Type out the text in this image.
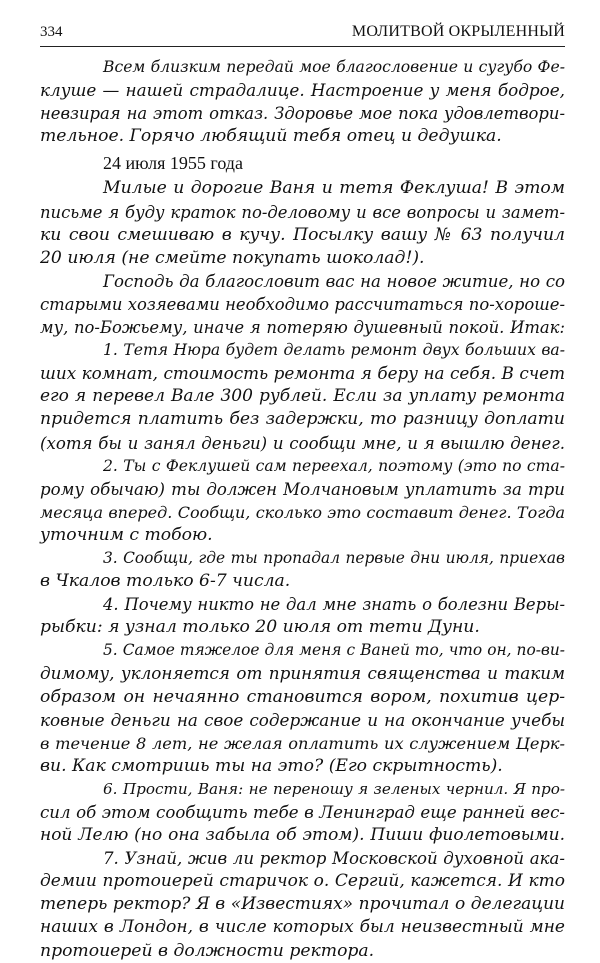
334	МОЛИТВОЙ ОКРЫЛЕННЫЙ
Всем близким передай мое благословение и сугубо Фе-
клуше — нашей страдалице. Настроение у меня бодрое,
невзирая на этот отказ. Здоровье мое пока удовлетвори-
тельное. Горячо любящий тебя отец и дедушка.
24 июля 1955 года
Милые и дорогие Ваня и тетя Феклуша! В этом
письме я буду краток по-деловому и все вопросы и замет-
ки свои смешиваю в кучу. Посылку вашу № 63 получил
20 июля (не смейте покупать шоколад!).
Господь да благословит вас на новое житие, но со
старыми хозяевами необходимо рассчитаться по-хороше-
му, по-Божьему, иначе я потеряю душевный покой. Итак:
1. Тетя Нюра будет делать ремонт двух больших ва-
ших комнат, стоимость ремонта я беру на себя. В счет
его я перевел Вале 300 рублей. Если за уплату ремонта
придется платить без задержки, то разницу доплати
(хотя бы и занял деньги) и сообщи мне, и я вышлю денег.
2. Ты с Феклушей сам переехал, поэтому (это по ста-
рому обычаю) ты должен Молчановым уплатить за три
месяца вперед. Сообщи, сколько это составит денег. Тогда
уточним с тобою.
3. Сообщи, где ты пропадал первые дни июля, приехав
в Чкалов только 6-7 числа.
4. Почему никто не дал мне знать о болезни Веры-
рыбки: я узнал только 20 июля от тети Дуни.
5. Самое тяжелое для меня с Ваней то, что он, по-ви-
димому, уклоняется от принятия священства и таким
образом он нечаянно становится вором, похитив цер-
ковные деньги на свое содержание и на окончание учебы
в течение 8 лет, не желая оплатить их служением Церк-
ви. Как смотришь ты на это? (Его скрытность).
6. Прости, Ваня: не переношу я зеленых чернил. Я про-
сил об этом сообщить тебе в Ленинград еще ранней вес-
ной Лелю (но она забыла об этом). Пиши фиолетовыми.
7. Узнай, жив ли ректор Московской духовной ака-
демии протоиерей старичок о. Сергий, кажется. И кто
теперь ректор? Я в «Известиях» прочитал о делегации
наших в Лондон, в числе которых был неизвестный мне
протоиерей в должности ректора.
